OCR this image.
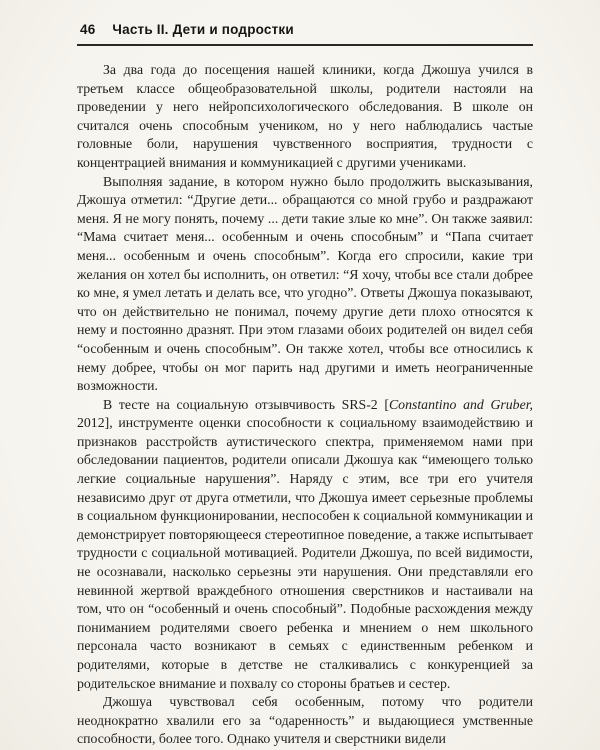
46 Часть II. Дети и подростки

За два года до посещения нашей клиники, когда Джошуа учился в третьем классе общеобразовательной школы, родители настояли на проведении у него нейропсихологического обследования. В школе он считался очень способным учеником, но у него наблюдались частые головные боли, нарушения чувственного восприятия, трудности с концентрацией внимания и коммуникацией с другими учениками.

Выполняя задание, в котором нужно было продолжить высказывания, Джошуа отметил: “Другие дети... обращаются со мной грубо и раздражают меня. Я не могу понять, почему ... дети такие злые ко мне”. Он также заявил: “Мама считает меня... особенным и очень способным” и “Папа считает меня... особенным и очень способным”. Когда его спросили, какие три желания он хотел бы исполнить, он ответил: “Я хочу, чтобы все стали добрее ко мне, я умел летать и делать все, что угодно”. Ответы Джошуа показывают, что он действительно не понимал, почему другие дети плохо относятся к нему и постоянно дразнят. При этом глазами обоих родителей он видел себя “особенным и очень способным”. Он также хотел, чтобы все относились к нему добрее, чтобы он мог парить над другими и иметь неограниченные возможности.

В тесте на социальную отзывчивость SRS-2 [Constantino and Gruber, 2012], инструменте оценки способности к социальному взаимодействию и признаков расстройств аутистического спектра, применяемом нами при обследовании пациентов, родители описали Джошуа как “имеющего только легкие социальные нарушения”. Наряду с этим, все три его учителя независимо друг от друга отметили, что Джошуа имеет серьезные проблемы в социальном функционировании, неспособен к социальной коммуникации и демонстрирует повторяющееся стереотипное поведение, а также испытывает трудности с социальной мотивацией. Родители Джошуа, по всей видимости, не осознавали, насколько серьезны эти нарушения. Они представляли его невинной жертвой враждебного отношения сверстников и настаивали на том, что он “особенный и очень способный”. Подобные расхождения между пониманием родителями своего ребенка и мнением о нем школьного персонала часто возникают в семьях с единственным ребенком и родителями, которые в детстве не сталкивались с конкуренцией за родительское внимание и похвалу со стороны братьев и сестер.

Джошуа чувствовал себя особенным, потому что родители неоднократно хвалили его за “одаренность” и выдающиеся умственные способности, более того. Однако учителя и сверстники видели
